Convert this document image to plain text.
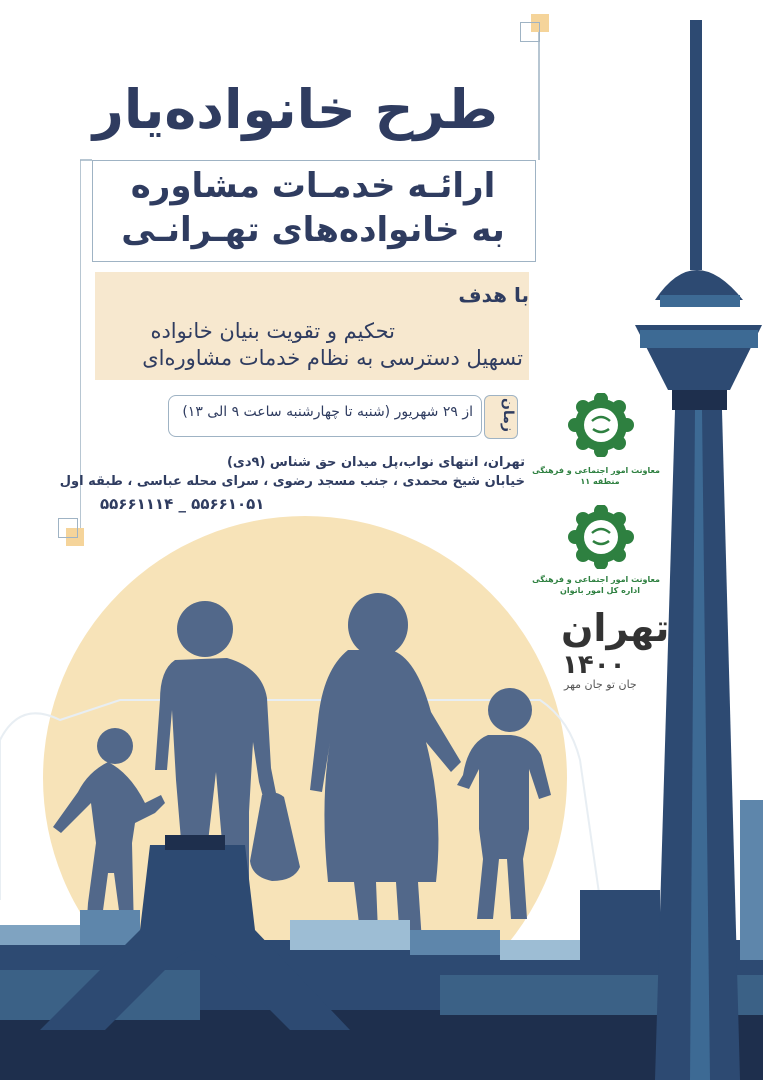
طرح خانواده‌یار
ارائـه خدمـات مشاوره
به خانواده‌های تهـرانـی
با هدف
تحکیم و تقویت بنیان خانواده
تسهیل دسترسی به نظام خدمات مشاوره‌ای
از ۲۹ شهریور (شنبه تا چهارشنبه ساعت ۹ الی ۱۳)	زمان
تهران، انتهای نواب،پل میدان حق شناس (۹دی)
خیابان شیخ محمدی ، جنب مسجد رضوی ، سرای محله عباسی ، طبقه اول
۵۵۶۶۱۱۱۴ _ ۵۵۶۶۱۰۵۱
معاونت امور اجتماعی و فرهنگی
منطقه ۱۱
معاونت امور اجتماعی و فرهنگی
اداره کل امور بانوان
تهران
۱۴۰۰
جان تو جان مهر
